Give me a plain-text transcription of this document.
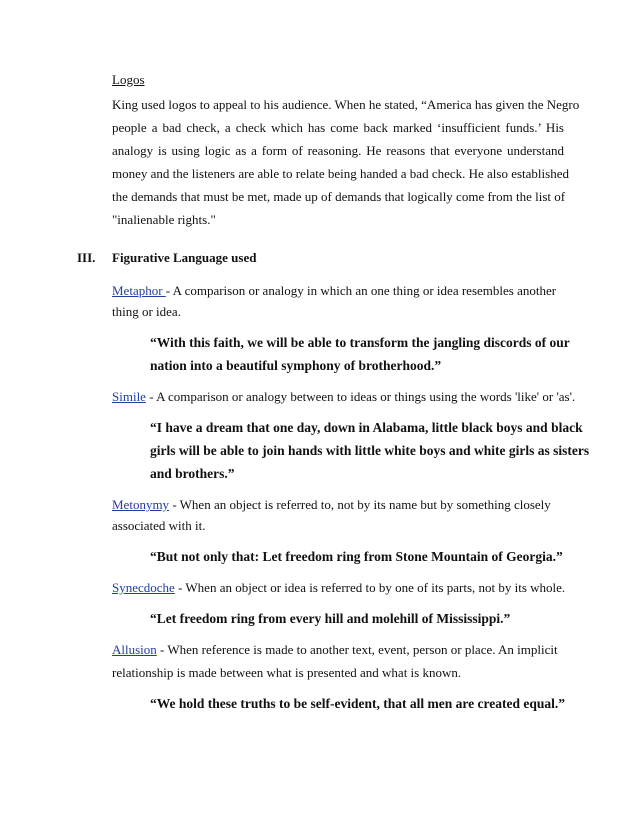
Logos
King used logos to appeal to his audience. When he stated, “America has given the Negro
people a bad check, a check which has come back marked ‘insufficient funds.’ His
analogy is using logic as a form of reasoning. He reasons that everyone understand
money and the listeners are able to relate being handed a bad check. He also established
the demands that must be met, made up of demands that logically come from the list of
"inalienable rights."
III. Figurative Language used
Metaphor - A comparison or analogy in which an one thing or idea resembles another
thing or idea.
“With this faith, we will be able to transform the jangling discords of our
nation into a beautiful symphony of brotherhood.”
Simile - A comparison or analogy between to ideas or things using the words 'like' or 'as'.
“I have a dream that one day, down in Alabama, little black boys and black
girls will be able to join hands with little white boys and white girls as sisters
and brothers.”
Metonymy - When an object is referred to, not by its name but by something closely
associated with it.
“But not only that: Let freedom ring from Stone Mountain of Georgia.”
Synecdoche - When an object or idea is referred to by one of its parts, not by its whole.
“Let freedom ring from every hill and molehill of Mississippi.”
Allusion - When reference is made to another text, event, person or place. An implicit
relationship is made between what is presented and what is known.
“We hold these truths to be self-evident, that all men are created equal.”
